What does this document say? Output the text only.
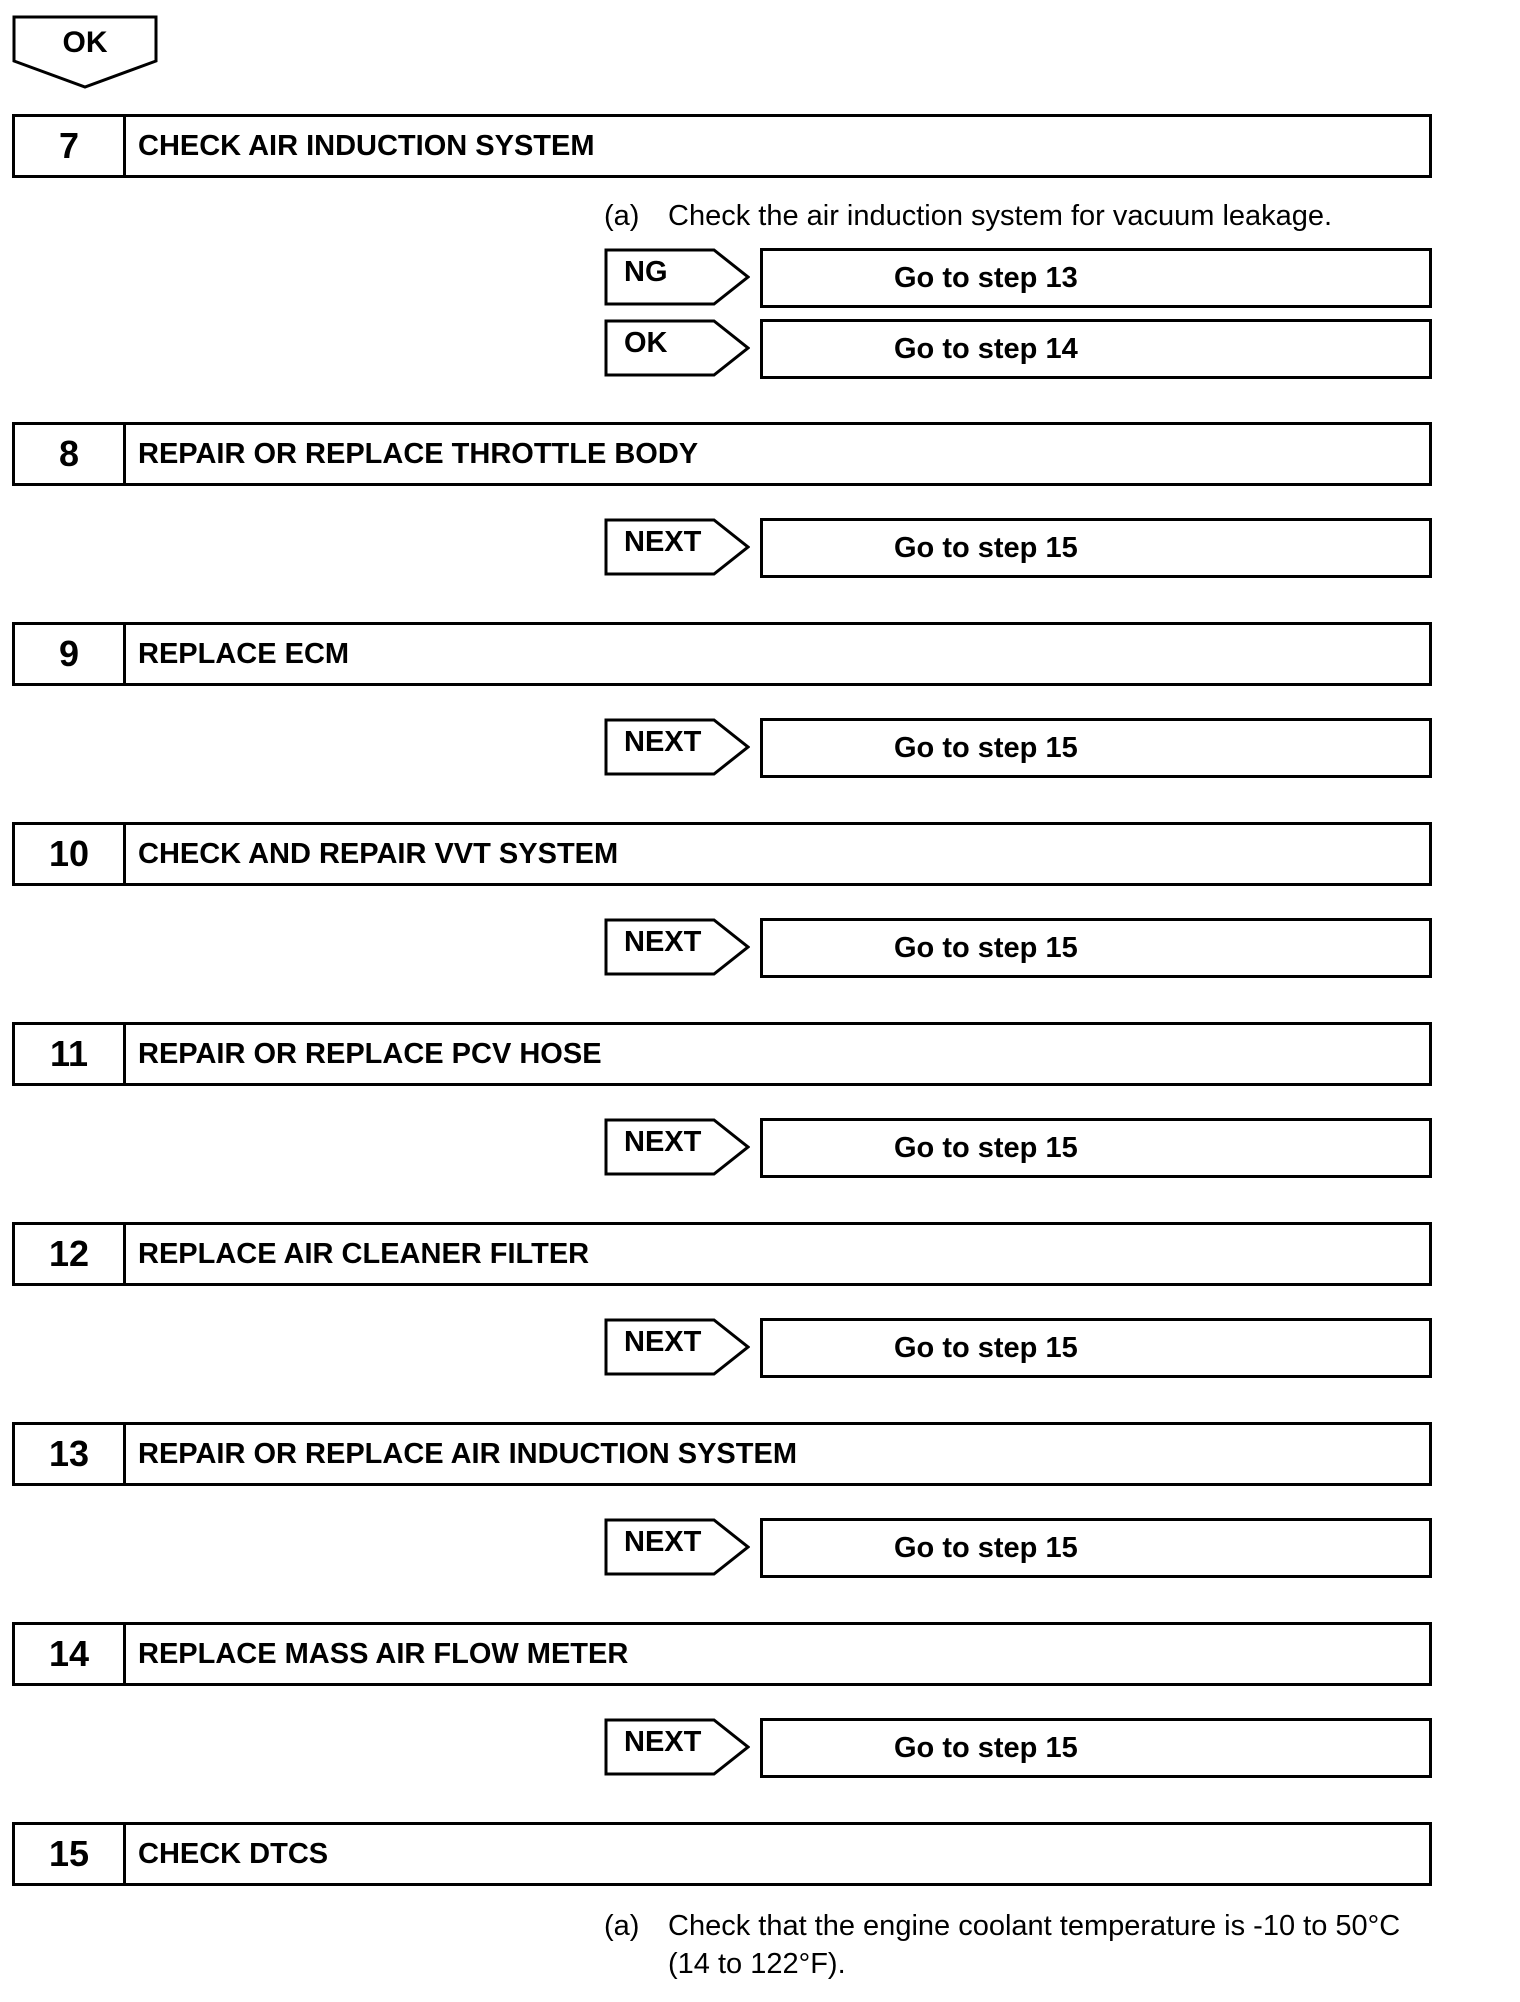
OK
7	CHECK AIR INDUCTION SYSTEM
(a) Check the air induction system for vacuum leakage.
NG	Go to step 13
OK	Go to step 14
8	REPAIR OR REPLACE THROTTLE BODY
NEXT	Go to step 15
9	REPLACE ECM
NEXT	Go to step 15
10	CHECK AND REPAIR VVT SYSTEM
NEXT	Go to step 15
11	REPAIR OR REPLACE PCV HOSE
NEXT	Go to step 15
12	REPLACE AIR CLEANER FILTER
NEXT	Go to step 15
13	REPAIR OR REPLACE AIR INDUCTION SYSTEM
NEXT	Go to step 15
14	REPLACE MASS AIR FLOW METER
NEXT	Go to step 15
15	CHECK DTCS
(a) Check that the engine coolant temperature is -10 to 50°C (14 to 122°F).
